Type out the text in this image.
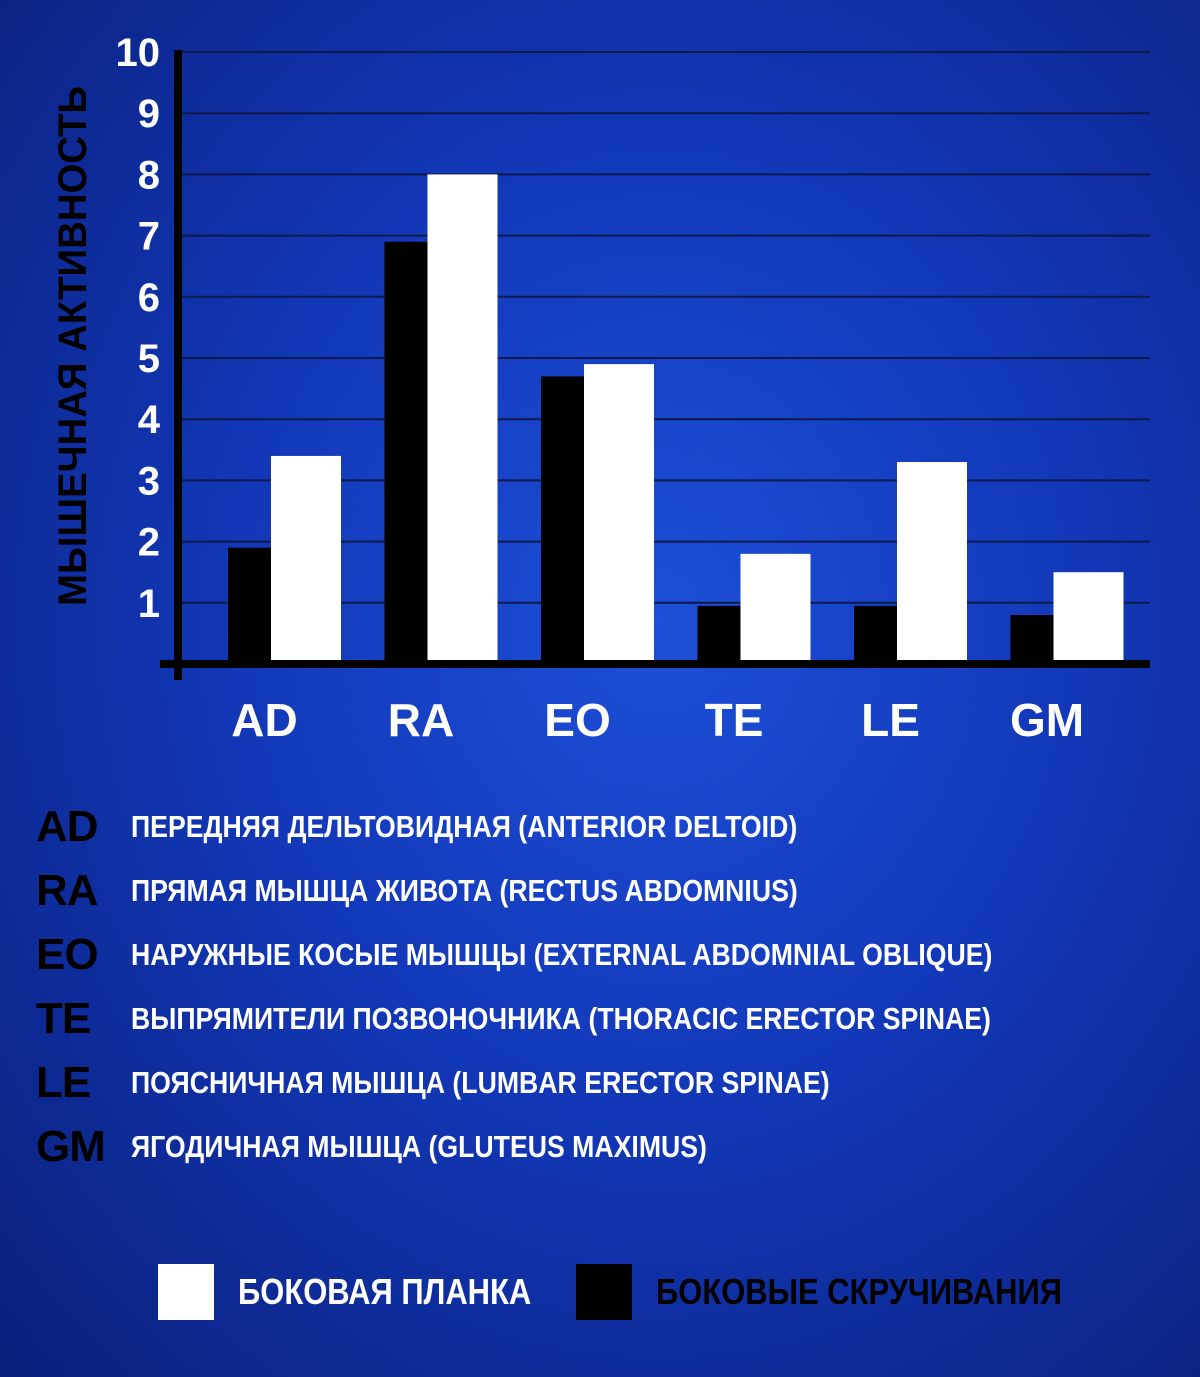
1
2
3
4
5
6
7
8
9
10
AD RA EO TE LE GM
МЫШЕЧНАЯ АКТИВНОСТЬ
AD	ПЕРЕДНЯЯ ДЕЛЬТОВИДНАЯ (ANTERIOR DELTOID)
RA	ПРЯМАЯ МЫШЦА ЖИВОТА (RECTUS ABDOMNIUS)
EO	НАРУЖНЫЕ КОСЫЕ МЫШЦЫ (EXTERNAL ABDOMNIAL OBLIQUE)
TE	ВЫПРЯМИТЕЛИ ПОЗВОНОЧНИКА (THORACIC ERECTOR SPINAE)
LE	ПОЯСНИЧНАЯ МЫШЦА (LUMBAR ERECTOR SPINAE)
GM ЯГОДИЧНАЯ МЫШЦА (GLUTEUS MAXIMUS)
БОКОВАЯ ПЛАНКА	БОКОВЫЕ СКРУЧИВАНИЯ
